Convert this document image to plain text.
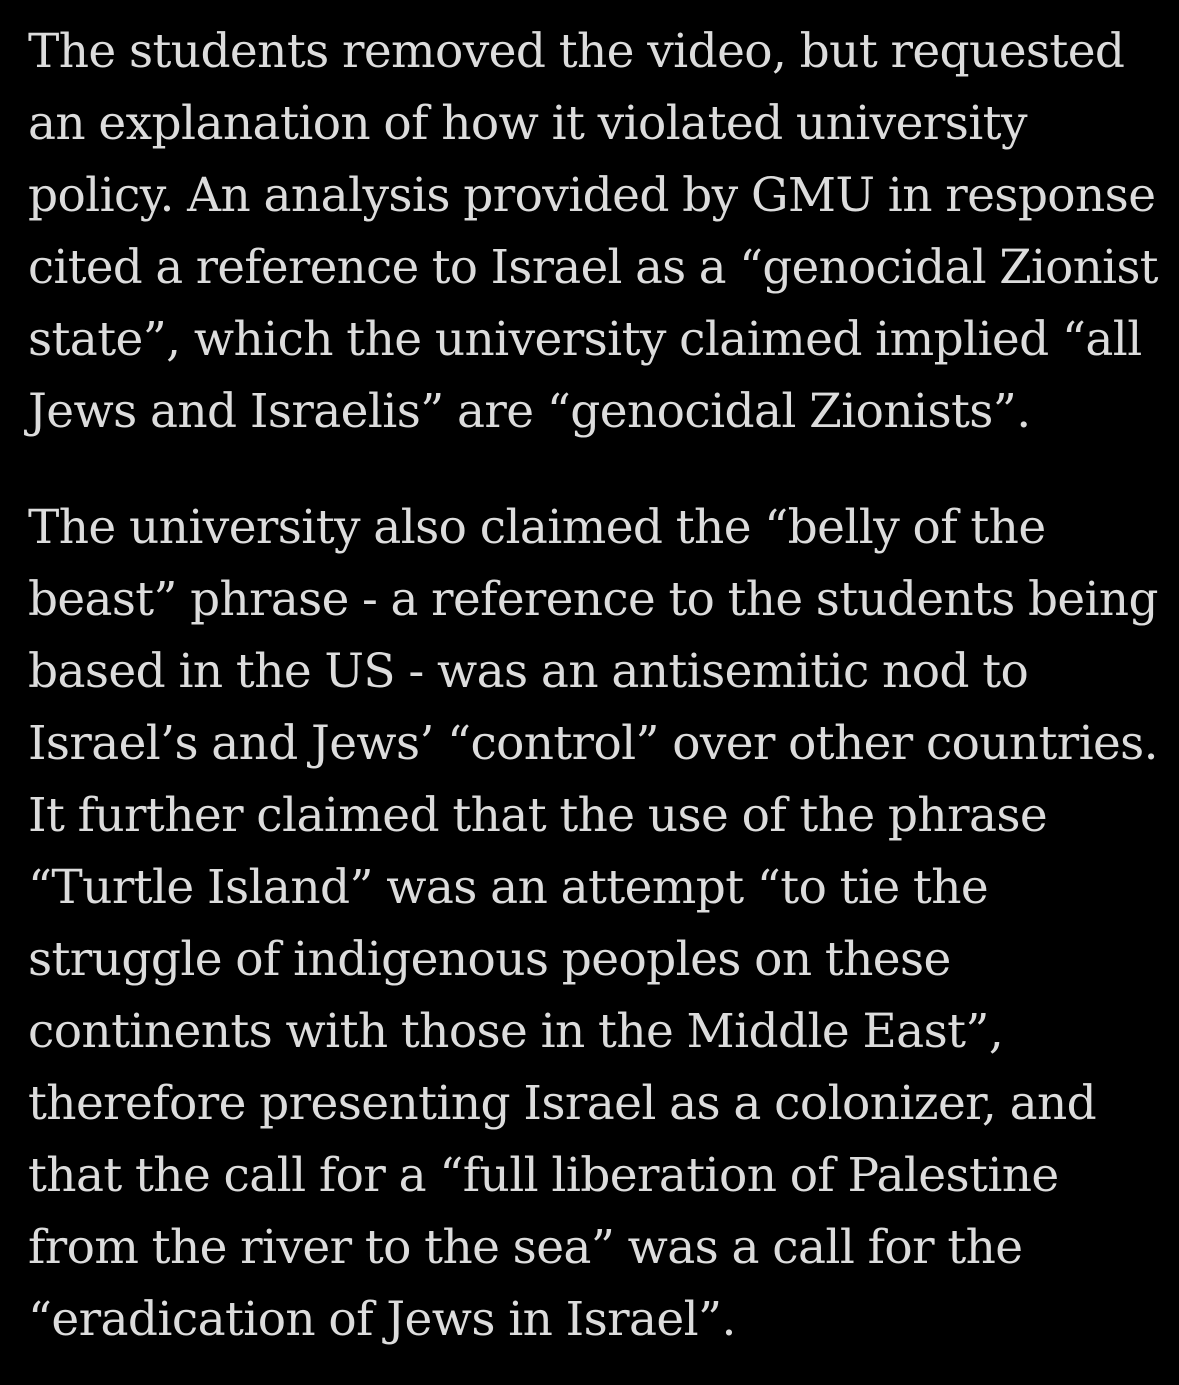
The students removed the video, but requested
an explanation of how it violated university
policy. An analysis provided by GMU in response
cited a reference to Israel as a “genocidal Zionist
state”, which the university claimed implied “all
Jews and Israelis” are “genocidal Zionists”.

The university also claimed the “belly of the
beast” phrase - a reference to the students being
based in the US - was an antisemitic nod to
Israel’s and Jews’ “control” over other countries.
It further claimed that the use of the phrase
“Turtle Island” was an attempt “to tie the
struggle of indigenous peoples on these
continents with those in the Middle East”,
therefore presenting Israel as a colonizer, and
that the call for a “full liberation of Palestine
from the river to the sea” was a call for the
“eradication of Jews in Israel”.
